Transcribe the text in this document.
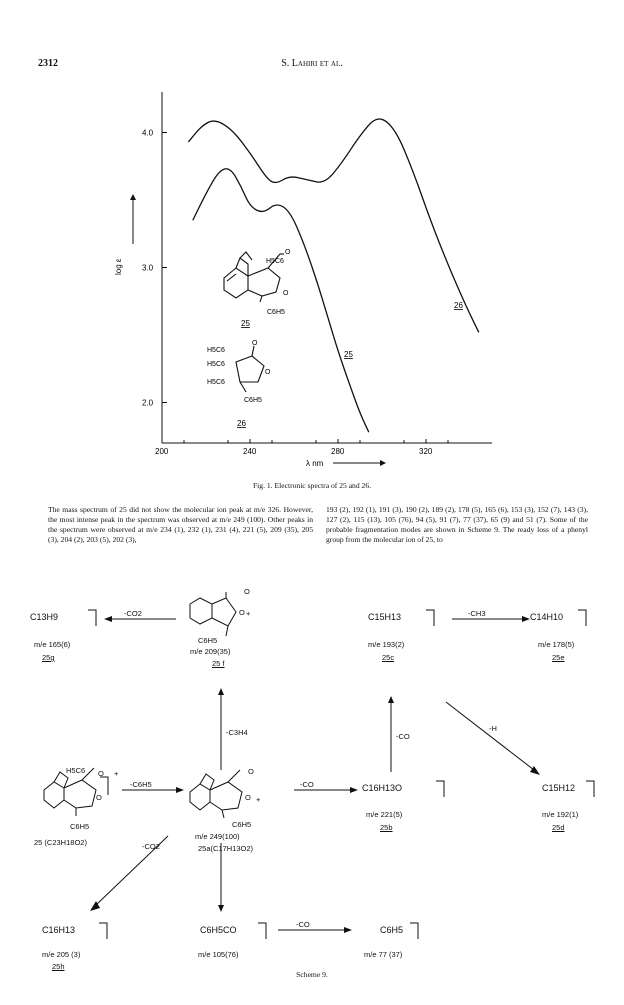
2312	S. Lahiri et al.
200	240	280	320
2.0
3.0
4.0
λ nm
log ε
26
25
H5C6
O
O
C6H5
25
O
O
H5C6
H5C6
H5C6
C6H5
26
Fig. 1. Electronic spectra of 25 and 26.
The mass spectrum of 25 did not show the molecular ion peak at m/e 326. However, the most intense peak in the spectrum was observed at m/e 249 (100). Other peaks in the spectrum were observed at m/e 234 (1), 232 (1), 231 (4), 221 (5), 209 (35), 205 (3), 204 (2), 203 (5), 202 (3),
193 (2), 192 (1), 191 (3), 190 (2), 189 (2), 178 (5), 165 (6), 153 (3), 152 (7), 143 (3), 127 (2), 115 (13), 105 (76), 94 (5), 91 (7), 77 (37), 65 (9) and 51 (7). Some of the probable fragmentation modes are shown in Scheme 9. The ready loss of a phenyl group from the molecular ion of 25, to
O
O +
O
O +
O
O
+
C13H9
m/e 165(6)
25g
-CO2
C6H5
m/e 209(35)
25 f
-C3H4
C15H13
m/e 193(2)
25c
-CH3	C14H10
m/e 178(5)
25e
-H
-CO
C16H13O
m/e 221(5)
25b
C15H12
m/e 192(1)
25d
-CO
-C6H5
H5C6
C6H5
25 (C23H18O2)
C6H5
m/e 249(100)
25a(C17H13O2)
-CO2
C16H13
m/e 205 (3)
25h
C6H5CO
m/e 105(76)
-CO
C6H5
m/e 77 (37)
Scheme 9.
